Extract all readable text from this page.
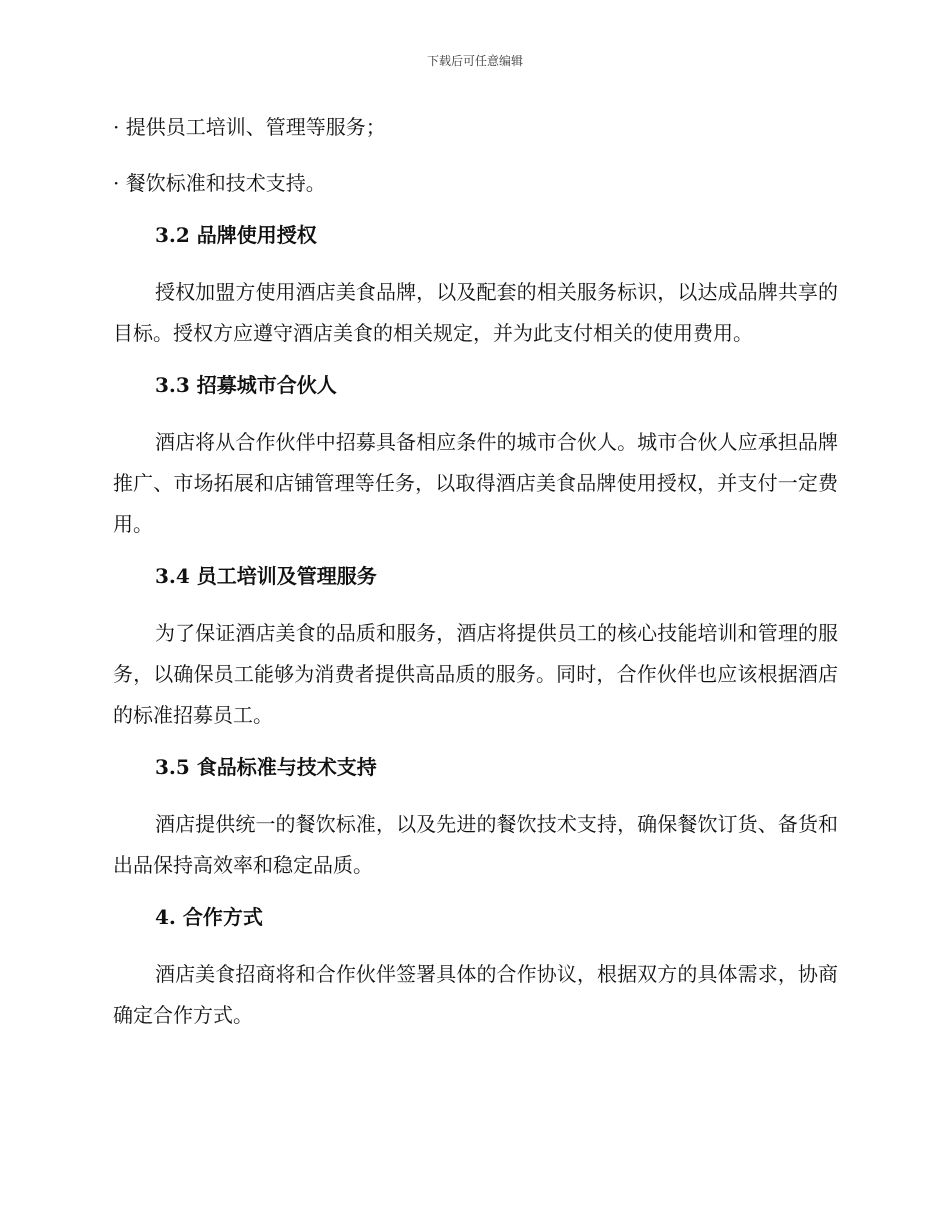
下载后可任意编辑
· 提供员工培训、管理等服务；
· 餐饮标准和技术支持。
3.2 品牌使用授权
授权加盟方使用酒店美食品牌，以及配套的相关服务标识，以达成品牌共享的目标。授权方应遵守酒店美食的相关规定，并为此支付相关的使用费用。
3.3 招募城市合伙人
酒店将从合作伙伴中招募具备相应条件的城市合伙人。城市合伙人应承担品牌推广、市场拓展和店铺管理等任务，以取得酒店美食品牌使用授权，并支付一定费用。
3.4 员工培训及管理服务
为了保证酒店美食的品质和服务，酒店将提供员工的核心技能培训和管理的服务，以确保员工能够为消费者提供高品质的服务。同时，合作伙伴也应该根据酒店的标准招募员工。
3.5 食品标准与技术支持
酒店提供统一的餐饮标准，以及先进的餐饮技术支持，确保餐饮订货、备货和出品保持高效率和稳定品质。
4. 合作方式
酒店美食招商将和合作伙伴签署具体的合作协议，根据双方的具体需求，协商确定合作方式。
